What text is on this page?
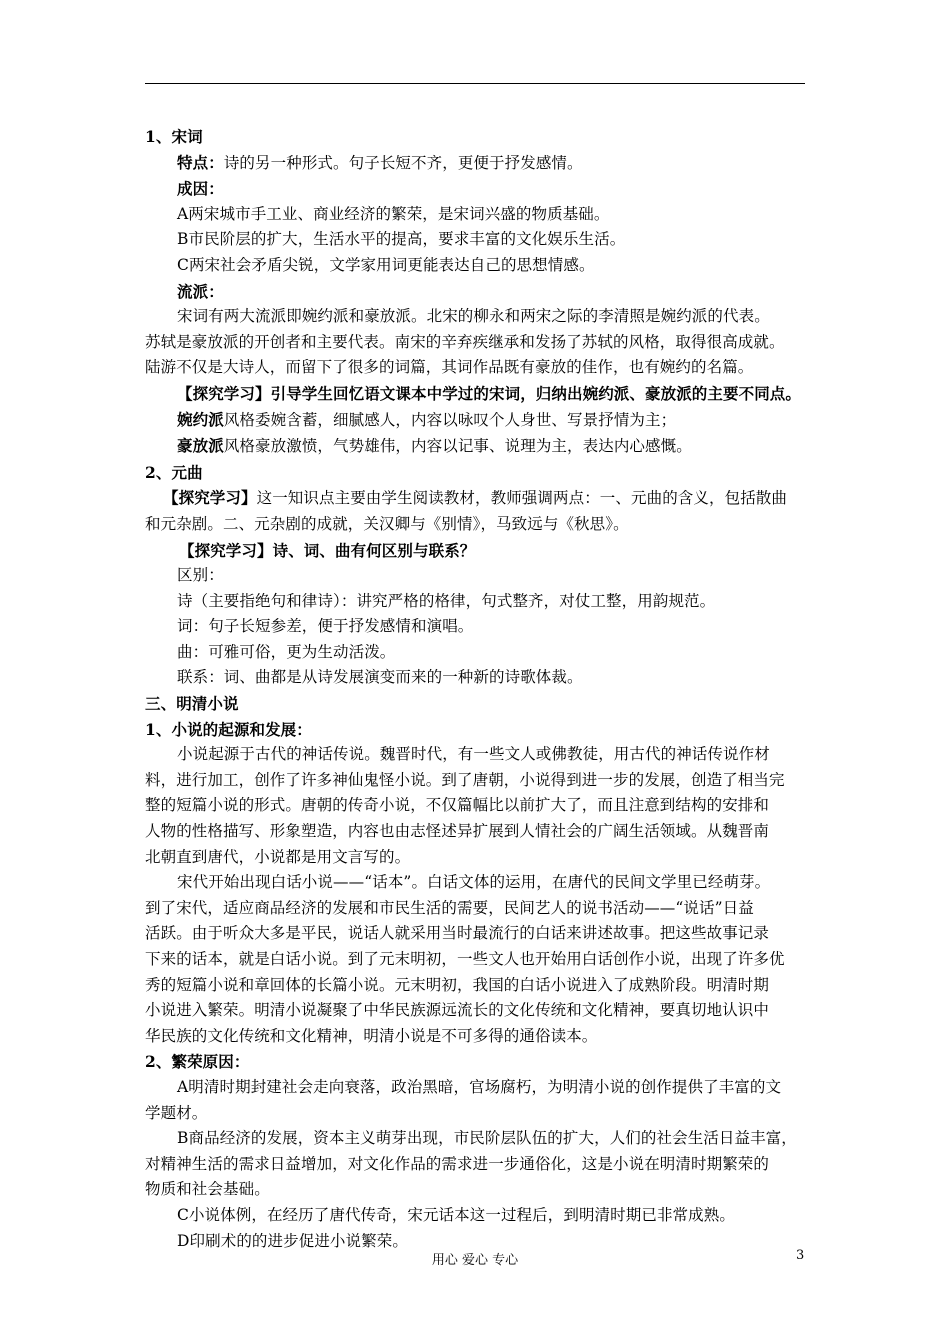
1、宋词
特点：诗的另一种形式。句子长短不齐，更便于抒发感情。
成因：
A两宋城市手工业、商业经济的繁荣，是宋词兴盛的物质基础。
B市民阶层的扩大，生活水平的提高，要求丰富的文化娱乐生活。
C两宋社会矛盾尖锐，文学家用词更能表达自己的思想情感。
流派：
宋词有两大流派即婉约派和豪放派。北宋的柳永和两宋之际的李清照是婉约派的代表。
苏轼是豪放派的开创者和主要代表。南宋的辛弃疾继承和发扬了苏轼的风格，取得很高成就。
陆游不仅是大诗人，而留下了很多的词篇，其词作品既有豪放的佳作，也有婉约的名篇。
【探究学习】引导学生回忆语文课本中学过的宋词，归纳出婉约派、豪放派的主要不同点。
婉约派风格委婉含蓄，细腻感人，内容以咏叹个人身世、写景抒情为主；
豪放派风格豪放激愤，气势雄伟，内容以记事、说理为主，表达内心感慨。
2、元曲
【探究学习】这一知识点主要由学生阅读教材，教师强调两点：一、元曲的含义，包括散曲
和元杂剧。二、元杂剧的成就，关汉卿与《别情》，马致远与《秋思》。
【探究学习】诗、词、曲有何区别与联系？
区别：
诗（主要指绝句和律诗）：讲究严格的格律，句式整齐，对仗工整，用韵规范。
词：句子长短参差，便于抒发感情和演唱。
曲：可雅可俗，更为生动活泼。
联系：词、曲都是从诗发展演变而来的一种新的诗歌体裁。
三、明清小说
1、小说的起源和发展：
小说起源于古代的神话传说。魏晋时代，有一些文人或佛教徒，用古代的神话传说作材
料，进行加工，创作了许多神仙鬼怪小说。到了唐朝，小说得到进一步的发展，创造了相当完
整的短篇小说的形式。唐朝的传奇小说，不仅篇幅比以前扩大了，而且注意到结构的安排和
人物的性格描写、形象塑造，内容也由志怪述异扩展到人情社会的广阔生活领域。从魏晋南
北朝直到唐代，小说都是用文言写的。
宋代开始出现白话小说——“话本”。白话文体的运用，在唐代的民间文学里已经萌芽。
到了宋代，适应商品经济的发展和市民生活的需要，民间艺人的说书活动——“说话”日益
活跃。由于听众大多是平民，说话人就采用当时最流行的白话来讲述故事。把这些故事记录
下来的话本，就是白话小说。到了元末明初，一些文人也开始用白话创作小说，出现了许多优
秀的短篇小说和章回体的长篇小说。元末明初，我国的白话小说进入了成熟阶段。明清时期
小说进入繁荣。明清小说凝聚了中华民族源远流长的文化传统和文化精神，要真切地认识中
华民族的文化传统和文化精神，明清小说是不可多得的通俗读本。
2、繁荣原因：
A明清时期封建社会走向衰落，政治黑暗，官场腐朽，为明清小说的创作提供了丰富的文
学题材。
B商品经济的发展，资本主义萌芽出现，市民阶层队伍的扩大，人们的社会生活日益丰富，
对精神生活的需求日益增加，对文化作品的需求进一步通俗化，这是小说在明清时期繁荣的
物质和社会基础。
C小说体例，在经历了唐代传奇，宋元话本这一过程后，到明清时期已非常成熟。
D印刷术的的进步促进小说繁荣。
用心 爱心 专心	3
